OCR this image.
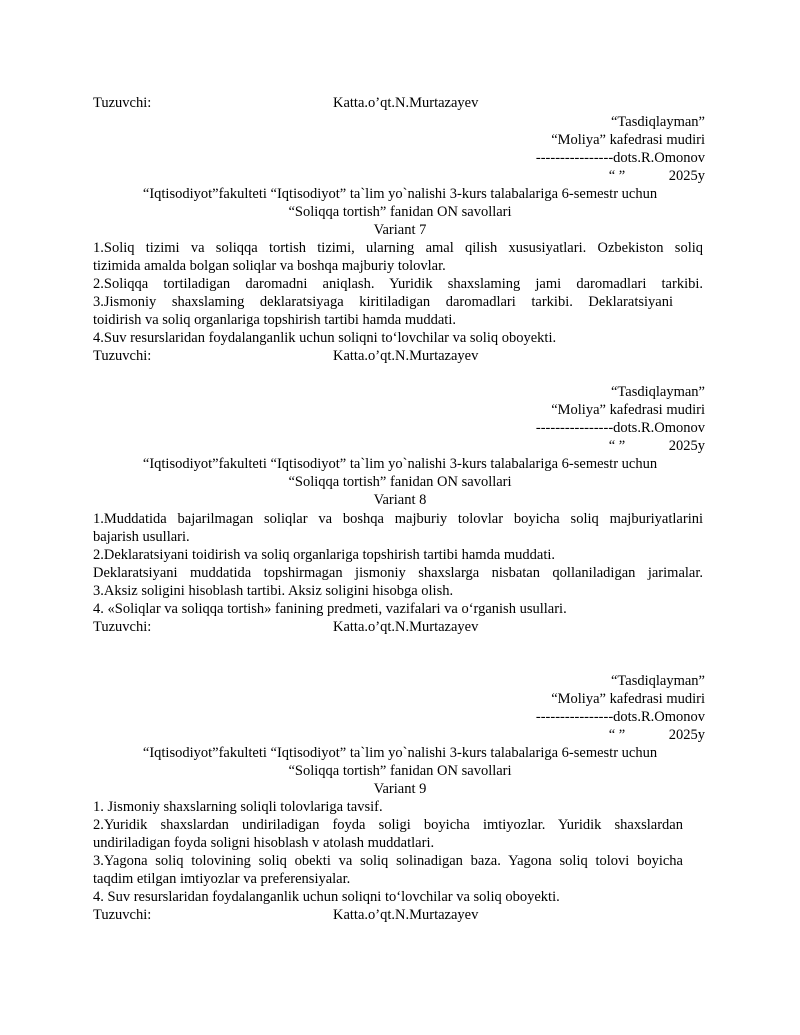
Tuzuvchi:	Katta.o’qt.N.Murtazayev
“Tasdiqlayman”
“Moliya” kafedrasi mudiri
----------------dots.R.Omonov
“ ”	2025y
“Iqtisodiyot”fakulteti “Iqtisodiyot” ta`lim yo`nalishi 3-kurs talabalariga 6-semestr uchun
“Soliqqa tortish” fanidan ON savollari
Variant 7
1.Soliq tizimi va soliqqa tortish tizimi, ularning amal qilish xususiyatlari. Ozbekiston soliq
tizimida amalda bolgan soliqlar va boshqa majburiy tolovlar.
2.Soliqqa tortiladigan daromadni aniqlash. Yuridik shaxslaming jami daromadlari tarkibi.
3.Jismoniy shaxslaming deklaratsiyaga kiritiladigan daromadlari tarkibi. Deklaratsiyani
toidirish va soliq organlariga topshirish tartibi hamda muddati.
4.Suv resurslaridan foydalanganlik uchun soliqni to‘lovchilar va soliq oboyekti.
Tuzuvchi:	Katta.o’qt.N.Murtazayev
“Tasdiqlayman”
“Moliya” kafedrasi mudiri
----------------dots.R.Omonov
“ ”	2025y
“Iqtisodiyot”fakulteti “Iqtisodiyot” ta`lim yo`nalishi 3-kurs talabalariga 6-semestr uchun
“Soliqqa tortish” fanidan ON savollari
Variant 8
1.Muddatida bajarilmagan soliqlar va boshqa majburiy tolovlar boyicha soliq majburiyatlarini
bajarish usullari.
2.Deklaratsiyani toidirish va soliq organlariga topshirish tartibi hamda muddati.
Deklaratsiyani muddatida topshirmagan jismoniy shaxslarga nisbatan qollaniladigan jarimalar.
3.Aksiz soligini hisoblash tartibi. Aksiz soligini hisobga olish.
4. «Soliqlar va soliqqa tortish» fanining predmeti, vazifalari va o‘rganish usullari.
Tuzuvchi:	Katta.o’qt.N.Murtazayev
“Tasdiqlayman”
“Moliya” kafedrasi mudiri
----------------dots.R.Omonov
“ ”	2025y
“Iqtisodiyot”fakulteti “Iqtisodiyot” ta`lim yo`nalishi 3-kurs talabalariga 6-semestr uchun
“Soliqqa tortish” fanidan ON savollari
Variant 9
1. Jismoniy shaxslarning soliqli tolovlariga tavsif.
2.Yuridik shaxslardan undiriladigan foyda soligi boyicha imtiyozlar. Yuridik shaxslardan
undiriladigan foyda soligni hisoblash v atolash muddatlari.
3.Yagona soliq tolovining soliq obekti va soliq solinadigan baza. Yagona soliq tolovi boyicha
taqdim etilgan imtiyozlar va preferensiyalar.
4. Suv resurslaridan foydalanganlik uchun soliqni to‘lovchilar va soliq oboyekti.
Tuzuvchi:	Katta.o’qt.N.Murtazayev
